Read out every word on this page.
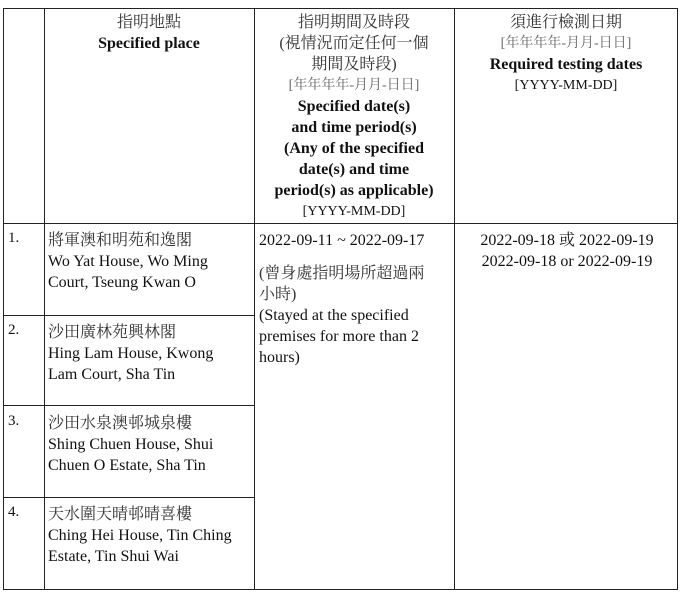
指明地點
Specified place
指明期間及時段
(視情況而定任何一個
期間及時段)
[年年年年-月月-日日]
Specified date(s)
and time period(s)
(Any of the specified
date(s) and time
period(s) as applicable)
[YYYY-MM-DD]
須進行檢測日期
[年年年年-月月-日日]
Required testing dates
[YYYY-MM-DD]
1. 將軍澳和明苑和逸閣
Wo Yat House, Wo Ming
Court, Tseung Kwan O
2. 沙田廣林苑興林閣
Hing Lam House, Kwong
Lam Court, Sha Tin
3. 沙田水泉澳邨城泉樓
Shing Chuen House, Shui
Chuen O Estate, Sha Tin
4. 天水圍天晴邨晴喜樓
Ching Hei House, Tin Ching
Estate, Tin Shui Wai
2022-09-11 ~ 2022-09-17
(曾身處指明場所超過兩
小時)
(Stayed at the specified
premises for more than 2
hours)
2022-09-18 或 2022-09-19
2022-09-18 or 2022-09-19
